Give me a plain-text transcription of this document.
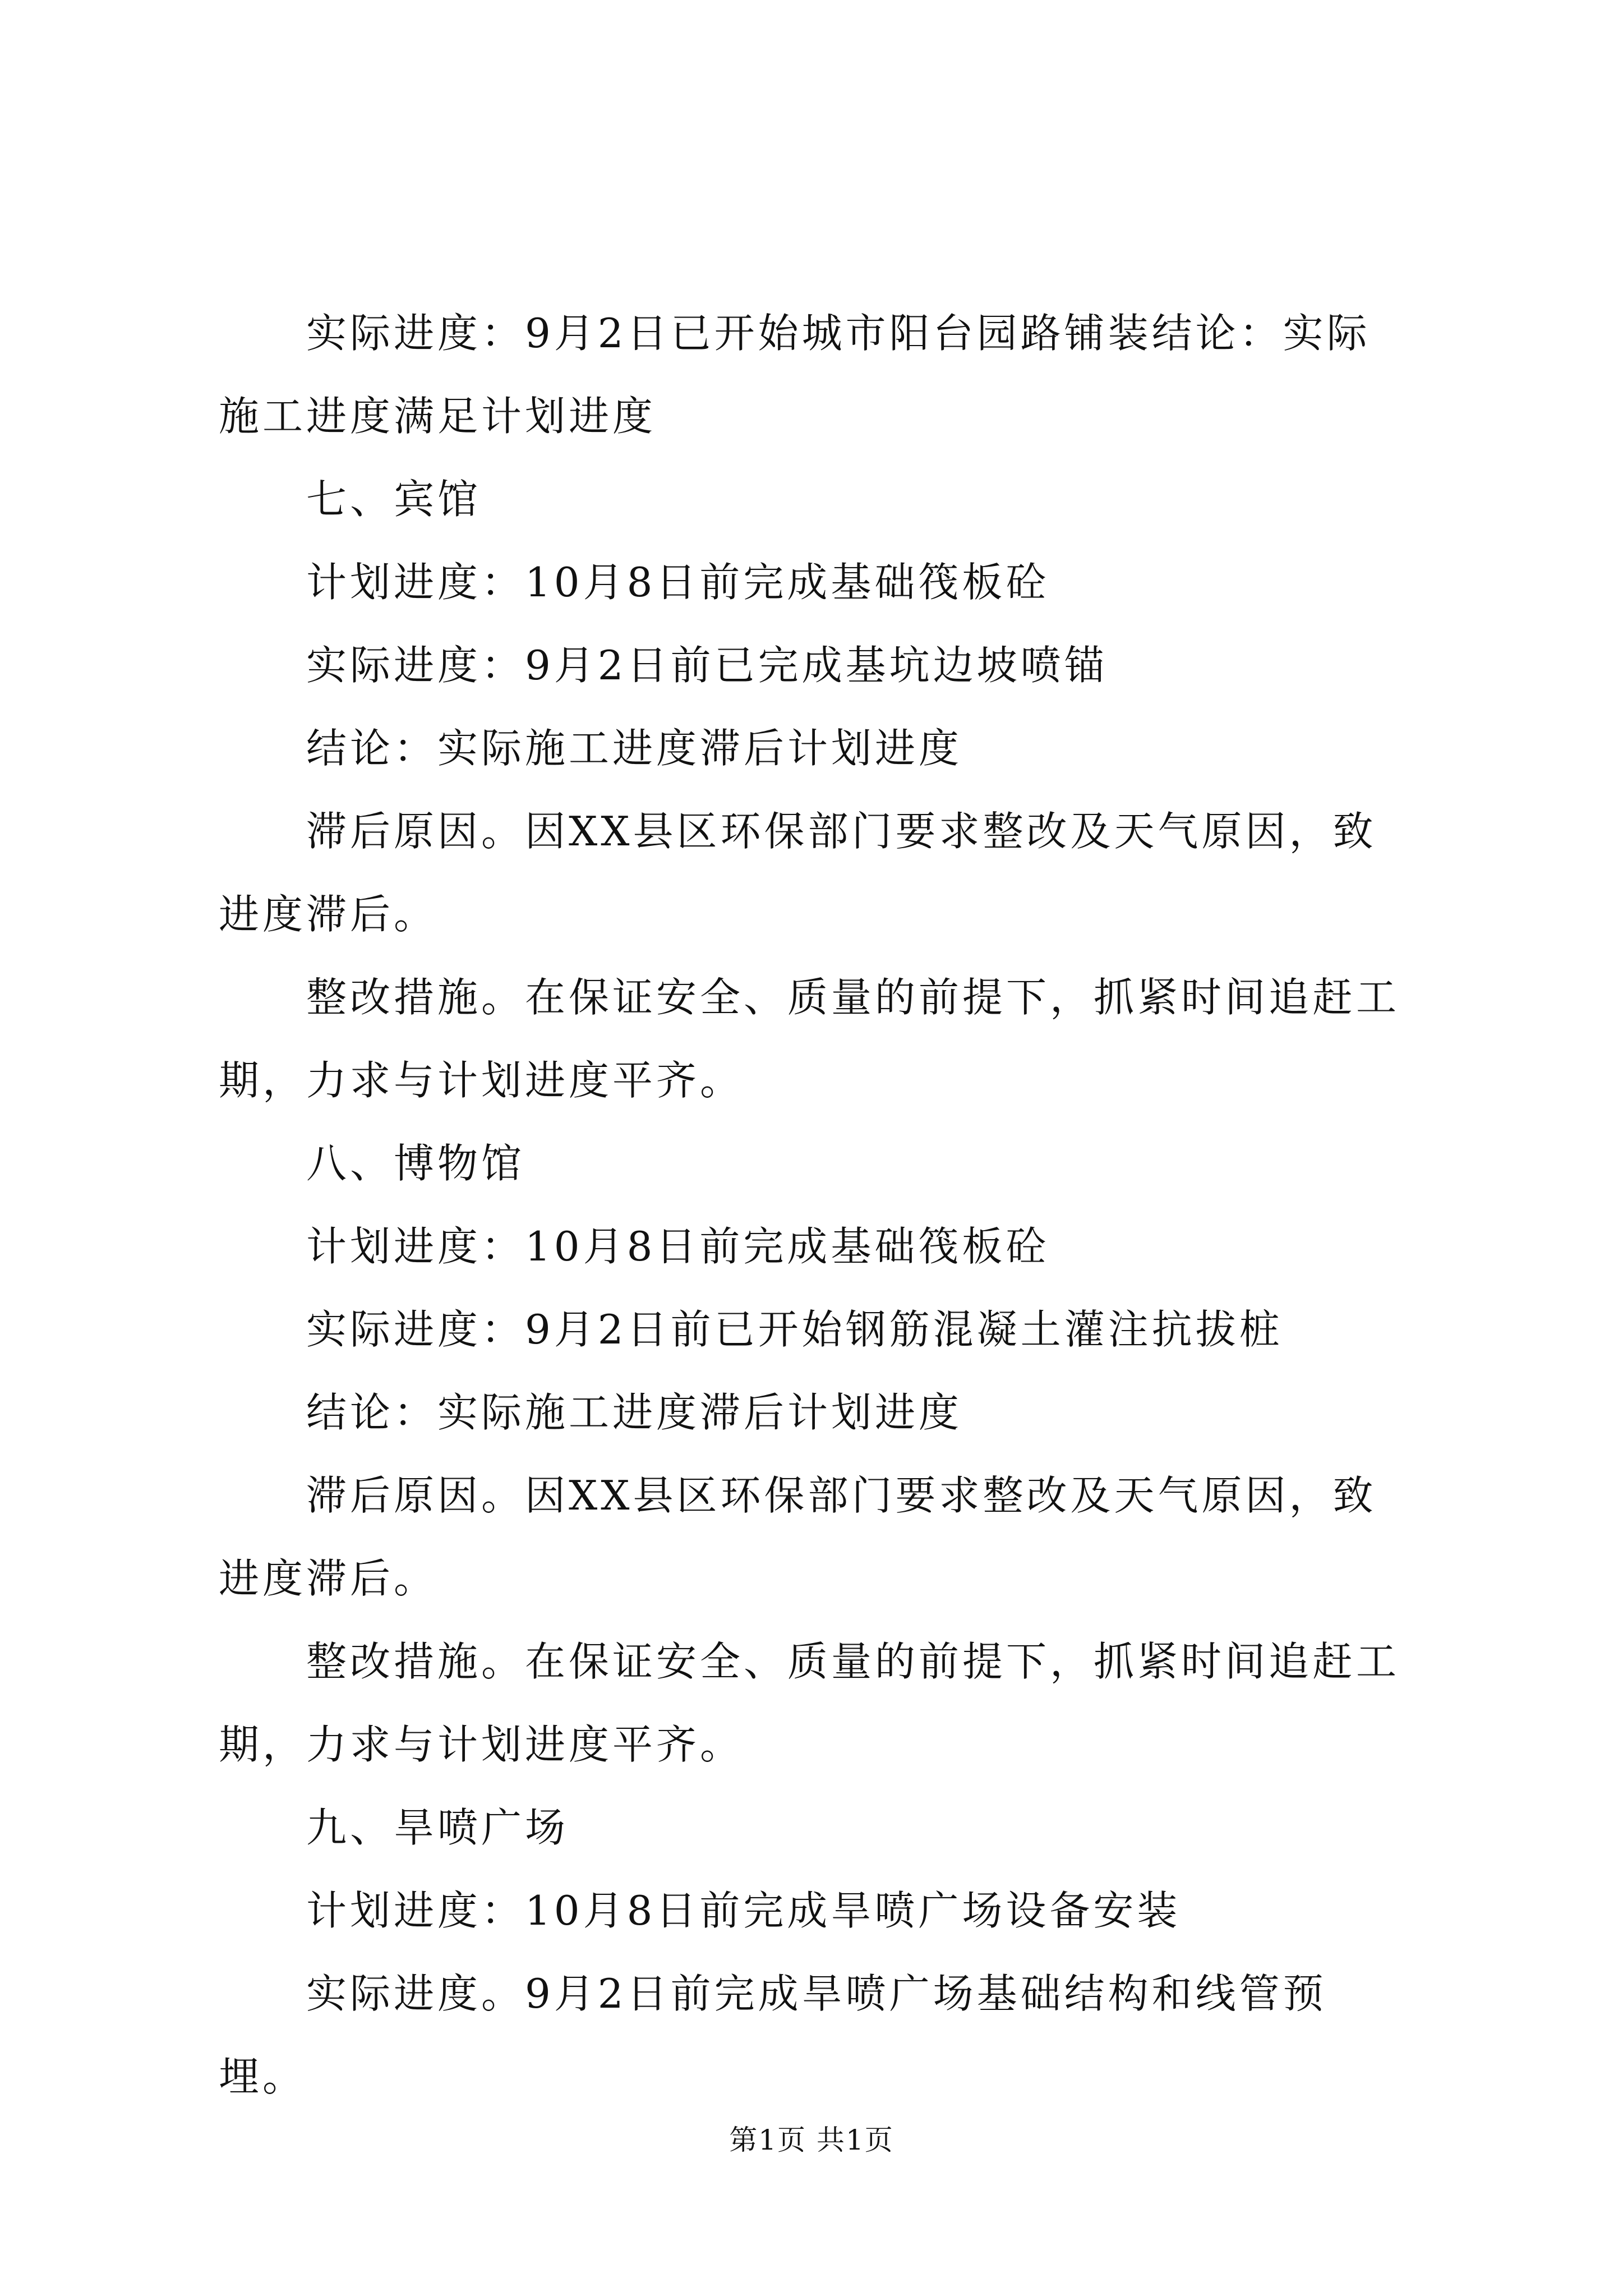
实际进度：9月2日已开始城市阳台园路铺装结论：实际施工进度满足计划进度

七、宾馆

计划进度：10月8日前完成基础筏板砼

实际进度：9月2日前已完成基坑边坡喷锚

结论：实际施工进度滞后计划进度

滞后原因。因XX县区环保部门要求整改及天气原因，致进度滞后。

整改措施。在保证安全、质量的前提下，抓紧时间追赶工期，力求与计划进度平齐。

八、博物馆

计划进度：10月8日前完成基础筏板砼

实际进度：9月2日前已开始钢筋混凝土灌注抗拔桩

结论：实际施工进度滞后计划进度

滞后原因。因XX县区环保部门要求整改及天气原因，致进度滞后。

整改措施。在保证安全、质量的前提下，抓紧时间追赶工期，力求与计划进度平齐。

九、旱喷广场

计划进度：10月8日前完成旱喷广场设备安装

实际进度。9月2日前完成旱喷广场基础结构和线管预埋。

第1页 共1页
